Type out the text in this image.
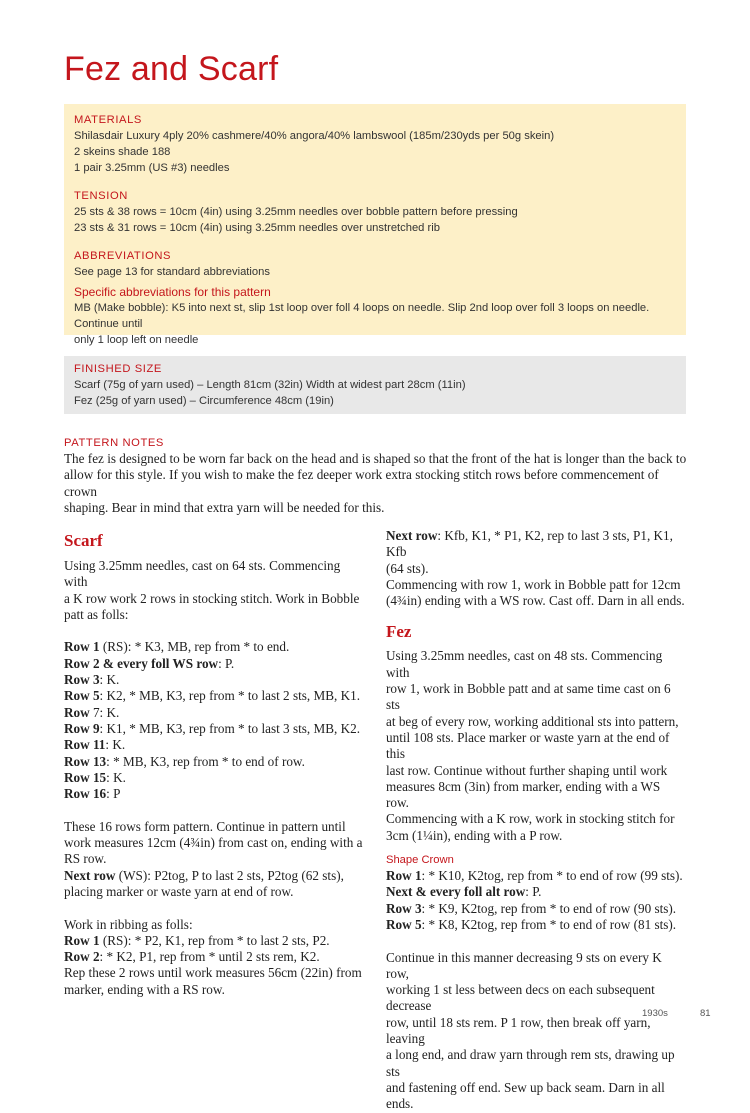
Fez and Scarf
MATERIALS
Shilasdair Luxury 4ply 20% cashmere/40% angora/40% lambswool (185m/230yds per 50g skein)
2 skeins shade 188
1 pair 3.25mm (US #3) needles
TENSION
25 sts & 38 rows = 10cm (4in) using 3.25mm needles over bobble pattern before pressing
23 sts & 31 rows = 10cm (4in) using 3.25mm needles over unstretched rib
ABBREVIATIONS
See page 13 for standard abbreviations
Specific abbreviations for this pattern
MB (Make bobble): K5 into next st, slip 1st loop over foll 4 loops on needle. Slip 2nd loop over foll 3 loops on needle. Continue until
only 1 loop left on needle
FINISHED SIZE
Scarf (75g of yarn used) – Length 81cm (32in) Width at widest part 28cm (11in)
Fez (25g of yarn used) – Circumference 48cm (19in)
PATTERN NOTES
The fez is designed to be worn far back on the head and is shaped so that the front of the hat is longer than the back to
allow for this style. If you wish to make the fez deeper work extra stocking stitch rows before commencement of crown
shaping. Bear in mind that extra yarn will be needed for this.
Scarf
Using 3.25mm needles, cast on 64 sts. Commencing with
a K row work 2 rows in stocking stitch. Work in Bobble
patt as folls:

Row 1 (RS): * K3, MB, rep from * to end.
Row 2 & every foll WS row: P.
Row 3: K.
Row 5: K2, * MB, K3, rep from * to last 2 sts, MB, K1.
Row 7: K.
Row 9: K1, * MB, K3, rep from * to last 3 sts, MB, K2.
Row 11: K.
Row 13: * MB, K3, rep from * to end of row.
Row 15: K.
Row 16: P

These 16 rows form pattern. Continue in pattern until
work measures 12cm (4¾in) from cast on, ending with a
RS row.
Next row (WS): P2tog, P to last 2 sts, P2tog (62 sts),
placing marker or waste yarn at end of row.

Work in ribbing as folls:
Row 1 (RS): * P2, K1, rep from * to last 2 sts, P2.
Row 2: * K2, P1, rep from * until 2 sts rem, K2.
Rep these 2 rows until work measures 56cm (22in) from
marker, ending with a RS row.
Next row: Kfb, K1, * P1, K2, rep to last 3 sts, P1, K1, Kfb
(64 sts).
Commencing with row 1, work in Bobble patt for 12cm
(4¾in) ending with a WS row. Cast off. Darn in all ends.
Fez
Using 3.25mm needles, cast on 48 sts. Commencing with
row 1, work in Bobble patt and at same time cast on 6 sts
at beg of every row, working additional sts into pattern,
until 108 sts. Place marker or waste yarn at the end of this
last row. Continue without further shaping until work
measures 8cm (3in) from marker, ending with a WS row.
Commencing with a K row, work in stocking stitch for
3cm (1¼in), ending with a P row.
Shape Crown
Row 1: * K10, K2tog, rep from * to end of row (99 sts).
Next & every foll alt row: P.
Row 3: * K9, K2tog, rep from * to end of row (90 sts).
Row 5: * K8, K2tog, rep from * to end of row (81 sts).

Continue in this manner decreasing 9 sts on every K row,
working 1 st less between decs on each subsequent decrease
row, until 18 sts rem. P 1 row, then break off yarn, leaving
a long end, and draw yarn through rem sts, drawing up sts
and fastening off end. Sew up back seam. Darn in all ends.
1930s	81
